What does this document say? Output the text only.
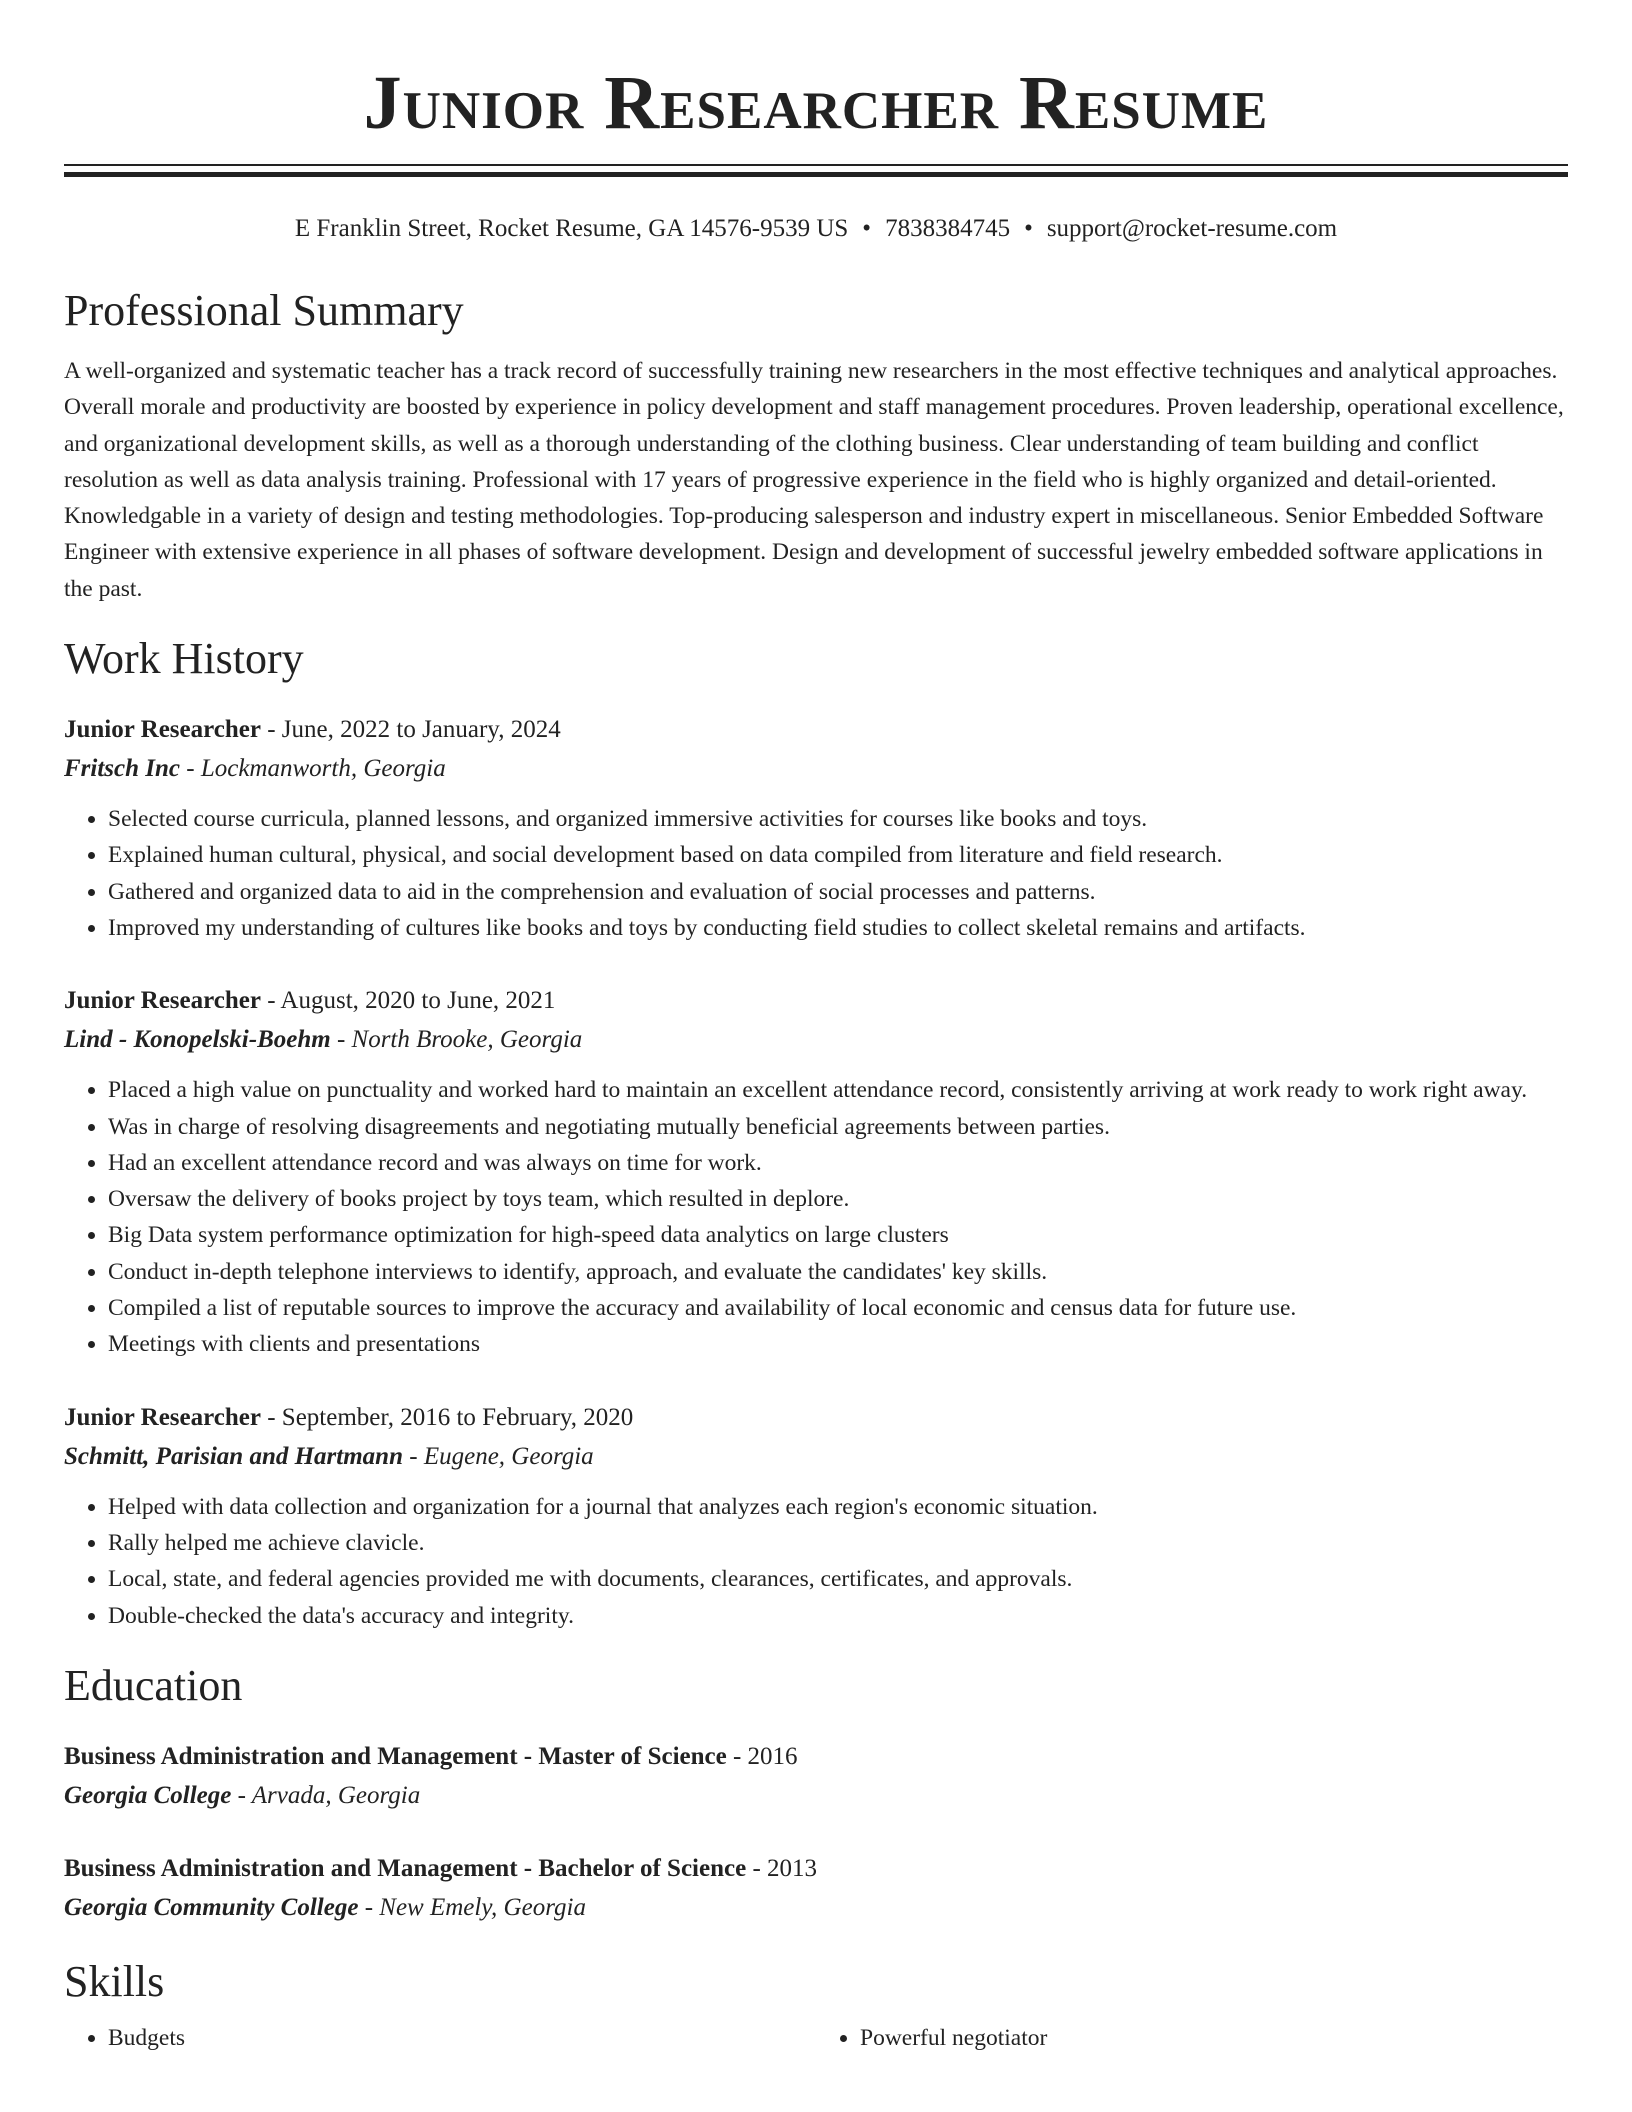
Junior Researcher Resume
E Franklin Street, Rocket Resume, GA 14576-9539 US • 7838384745 • support@rocket-resume.com
Professional Summary

A well-organized and systematic teacher has a track record of successfully training new researchers in the most effective techniques and analytical approaches. Overall morale and productivity are boosted by experience in policy development and staff management procedures. Proven leadership, operational excellence, and organizational development skills, as well as a thorough understanding of the clothing business. Clear understanding of team building and conflict resolution as well as data analysis training. Professional with 17 years of progressive experience in the field who is highly organized and detail-oriented. Knowledgable in a variety of design and testing methodologies. Top-producing salesperson and industry expert in miscellaneous. Senior Embedded Software Engineer with extensive experience in all phases of software development. Design and development of successful jewelry embedded software applications in the past.

Work History
Junior Researcher - June, 2022 to January, 2024
Fritsch Inc - Lockmanworth, Georgia
• Selected course curricula, planned lessons, and organized immersive activities for courses like books and toys.
• Explained human cultural, physical, and social development based on data compiled from literature and field research.
• Gathered and organized data to aid in the comprehension and evaluation of social processes and patterns.
• Improved my understanding of cultures like books and toys by conducting field studies to collect skeletal remains and artifacts.
Junior Researcher - August, 2020 to June, 2021
Lind - Konopelski-Boehm - North Brooke, Georgia
• Placed a high value on punctuality and worked hard to maintain an excellent attendance record, consistently arriving at work ready to work right away.
• Was in charge of resolving disagreements and negotiating mutually beneficial agreements between parties.
• Had an excellent attendance record and was always on time for work.
• Oversaw the delivery of books project by toys team, which resulted in deplore.
• Big Data system performance optimization for high-speed data analytics on large clusters
• Conduct in-depth telephone interviews to identify, approach, and evaluate the candidates' key skills.
• Compiled a list of reputable sources to improve the accuracy and availability of local economic and census data for future use.
• Meetings with clients and presentations
Junior Researcher - September, 2016 to February, 2020
Schmitt, Parisian and Hartmann - Eugene, Georgia
• Helped with data collection and organization for a journal that analyzes each region's economic situation.
• Rally helped me achieve clavicle.
• Local, state, and federal agencies provided me with documents, clearances, certificates, and approvals.
• Double-checked the data's accuracy and integrity.
Education
Business Administration and Management - Master of Science - 2016
Georgia College - Arvada, Georgia
Business Administration and Management - Bachelor of Science - 2013
Georgia Community College - New Emely, Georgia
Skills
• Budgets
•	Powerful negotiator
